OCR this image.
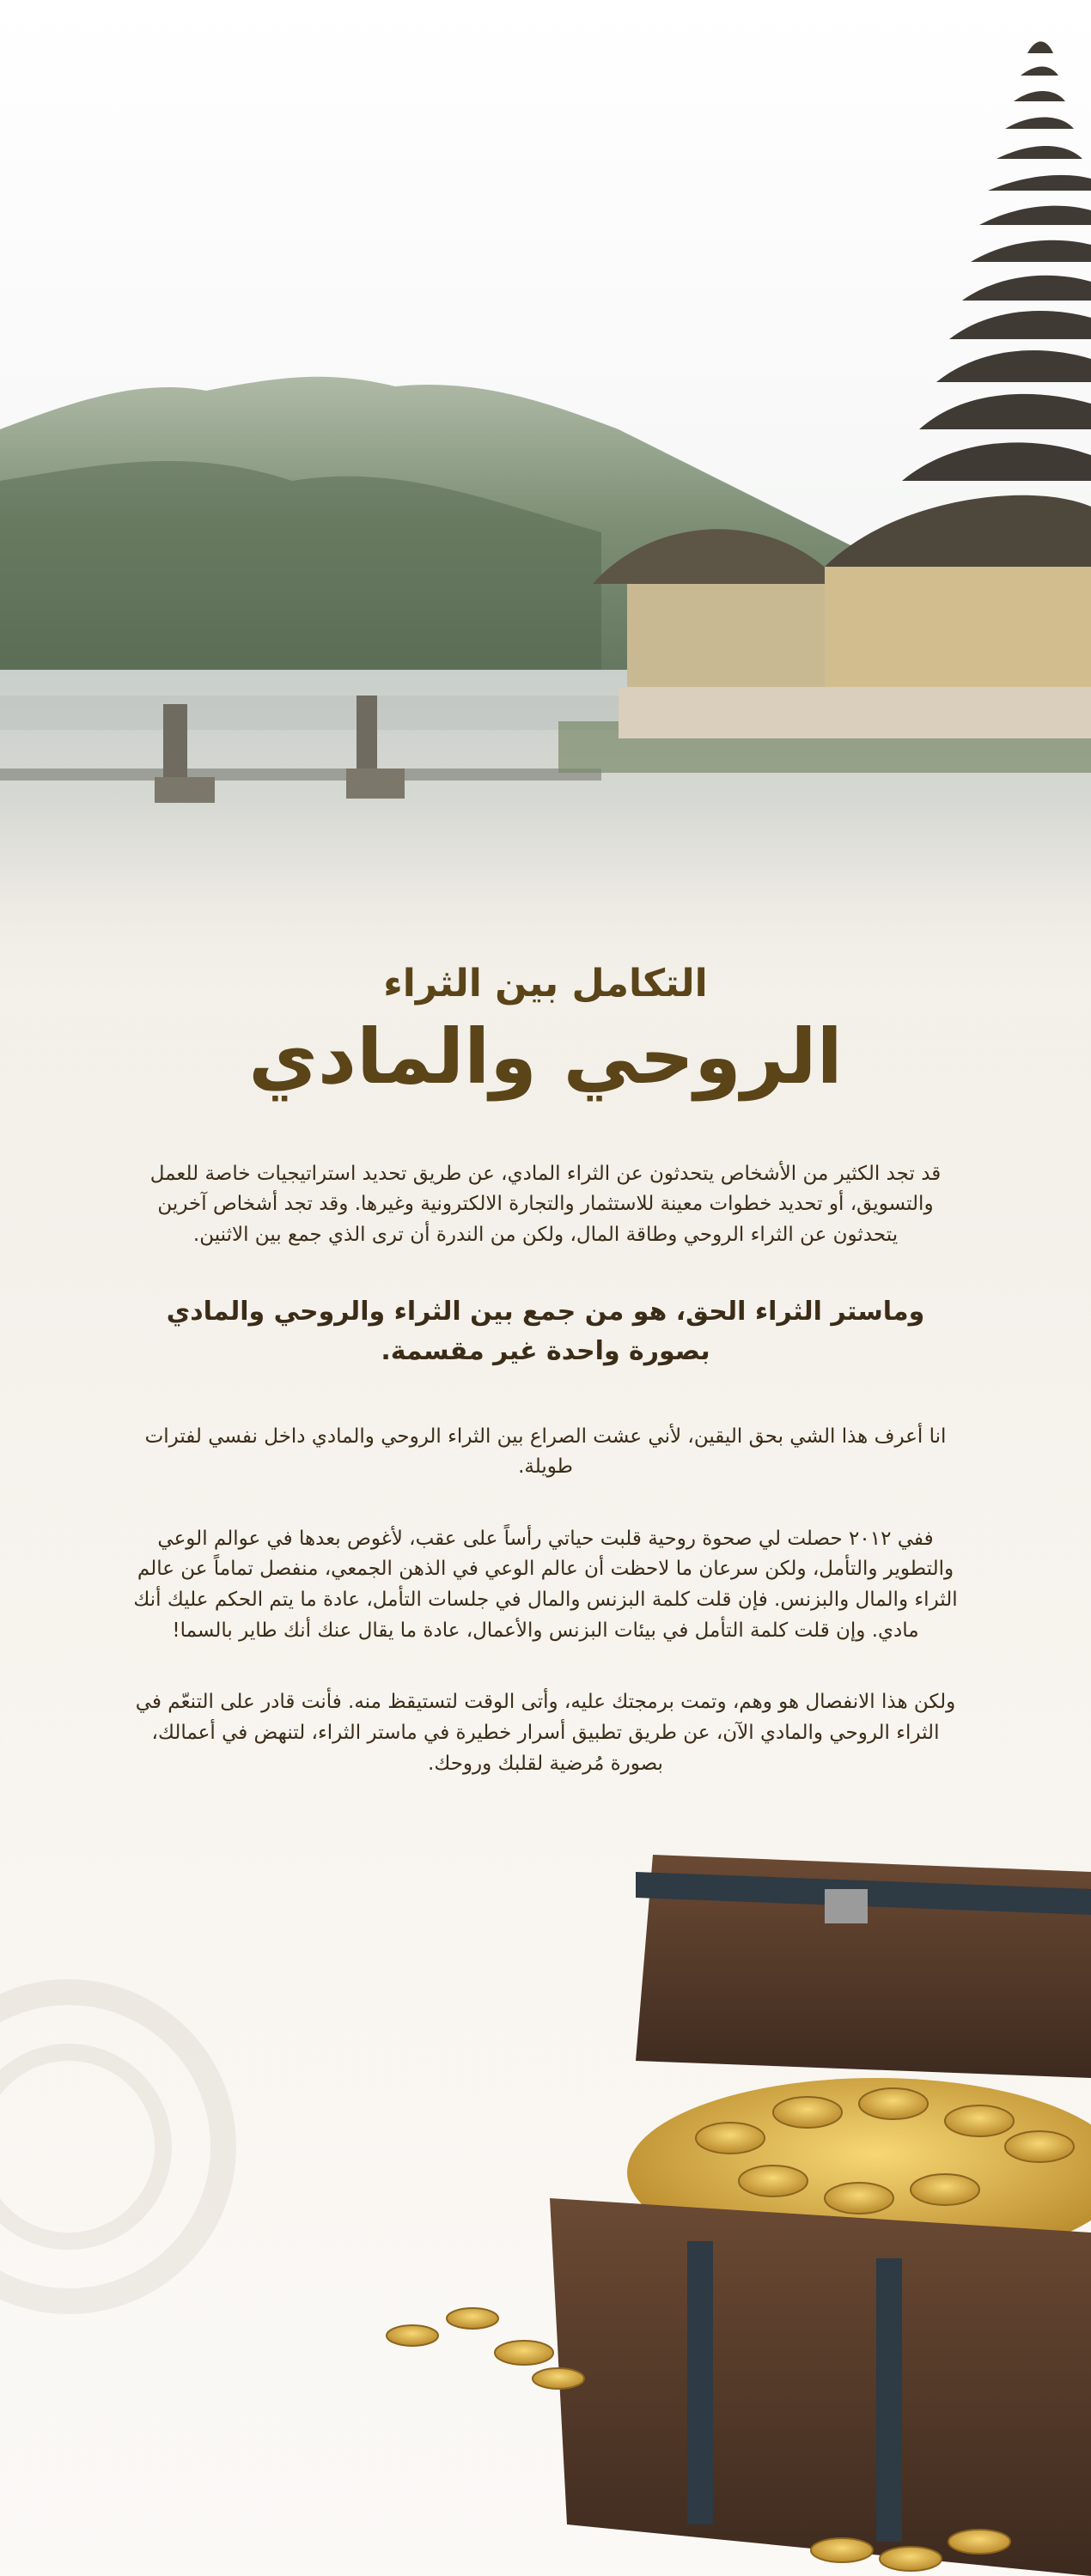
التكامل بين الثراء
الروحي والمادي

قد تجد الكثير من الأشخاص يتحدثون عن الثراء المادي، عن طريق تحديد استراتيجيات خاصة للعمل والتسويق، أو تحديد خطوات معينة للاستثمار والتجارة الالكترونية وغيرها. وقد تجد أشخاص آخرين يتحدثون عن الثراء الروحي وطاقة المال، ولكن من الندرة أن ترى الذي جمع بين الاثنين.

وماستر الثراء الحق، هو من جمع بين الثراء والروحي والمادي بصورة واحدة غير مقسمة.

انا أعرف هذا الشي بحق اليقين، لأني عشت الصراع بين الثراء الروحي والمادي داخل نفسي لفترات طويلة.

ففي ٢٠١٢ حصلت لي صحوة روحية قلبت حياتي رأساً على عقب، لأغوص بعدها في عوالم الوعي والتطوير والتأمل، ولكن سرعان ما لاحظت أن عالم الوعي في الذهن الجمعي، منفصل تماماً عن عالم الثراء والمال والبزنس. فإن قلت كلمة البزنس والمال في جلسات التأمل، عادة ما يتم الحكم عليك أنك مادي. وإن قلت كلمة التأمل في بيئات البزنس والأعمال، عادة ما يقال عنك أنك طاير بالسما!

ولكن هذا الانفصال هو وهم، وتمت برمجتك عليه، وأتى الوقت لتستيقظ منه. فأنت قادر على التنعّم في الثراء الروحي والمادي الآن، عن طريق تطبيق أسرار خطيرة في ماستر الثراء، لتنهض في أعمالك، بصورة مُرضية لقلبك وروحك.
